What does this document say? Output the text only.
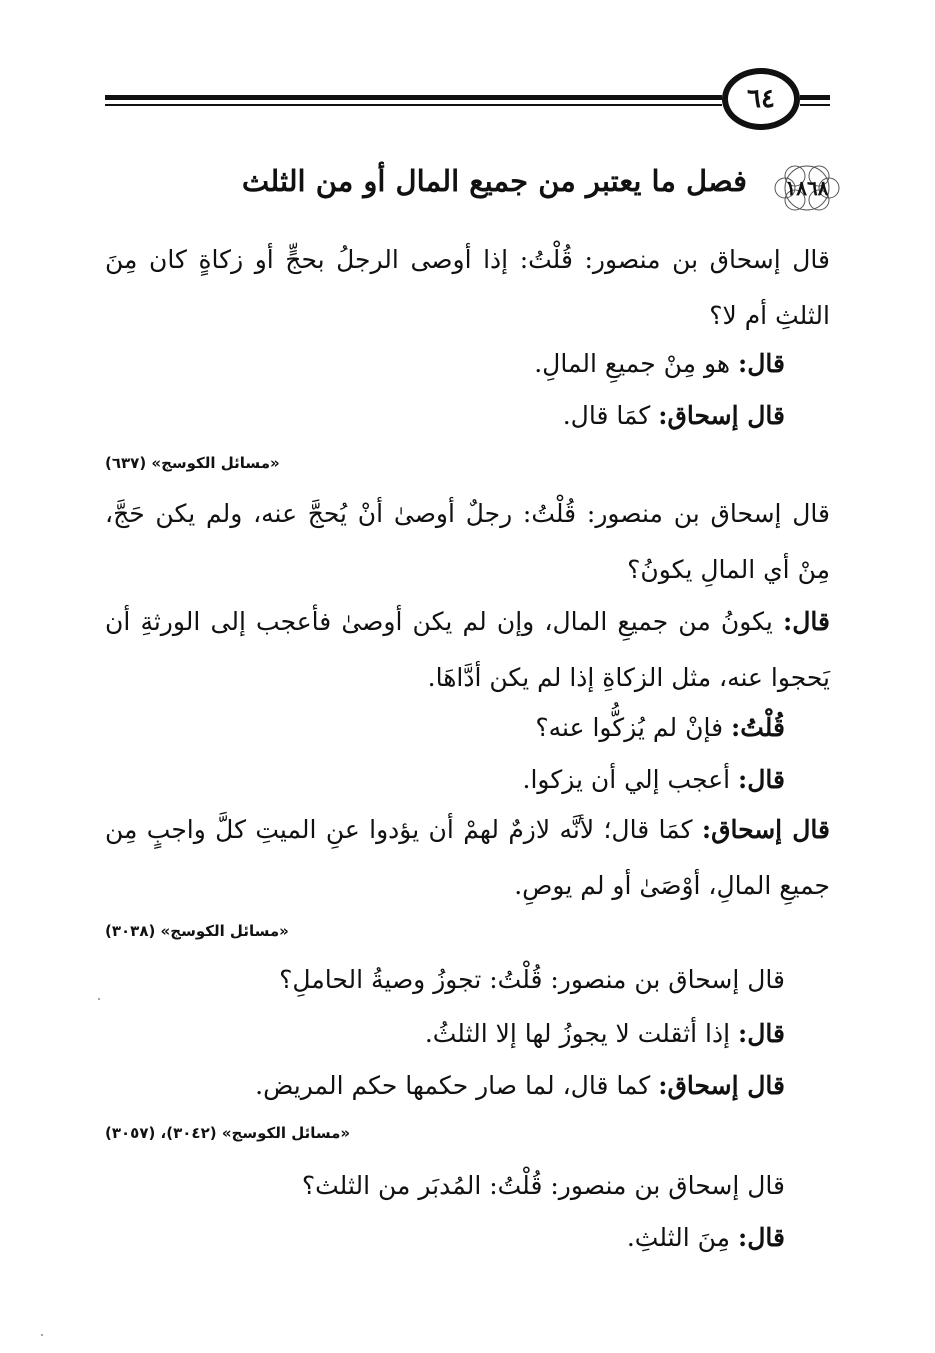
٦٤
١٨٦٨
فصل ما يعتبر من جميع المال أو من الثلث
قال إسحاق بن منصور: قُلْتُ: إذا أوصى الرجلُ بحجٍّ أو زكاةٍ كان مِنَ الثلثِ أم لا؟
قال: هو مِنْ جميعِ المالِ.
قال إسحاق: كمَا قال.
«مسائل الكوسج» (٦٣٧)
قال إسحاق بن منصور: قُلْتُ: رجلٌ أوصىٰ أنْ يُحجَّ عنه، ولم يكن حَجَّ، مِنْ أي المالِ يكونُ؟
قال: يكونُ من جميعِ المال، وإن لم يكن أوصىٰ فأعجب إلى الورثةِ أن يَحجوا عنه، مثل الزكاةِ إذا لم يكن أدَّاهَا.
قُلْتُ: فإنْ لم يُزكُّوا عنه؟
قال: أعجب إلي أن يزكوا.
قال إسحاق: كمَا قال؛ لأنَّه لازمٌ لهمْ أن يؤدوا عنِ الميتِ كلَّ واجبٍ مِن جميعِ المالِ، أوْصَىٰ أو لم يوصِ.
«مسائل الكوسج» (٣٠٣٨)
قال إسحاق بن منصور: قُلْتُ: تجوزُ وصيةُ الحاملِ؟
قال: إذا أثقلت لا يجوزُ لها إلا الثلثُ.
قال إسحاق: كما قال، لما صار حكمها حكم المريض.
«مسائل الكوسج» (٣٠٤٢)، (٣٠٥٧)
قال إسحاق بن منصور: قُلْتُ: المُدبَر من الثلث؟
قال: مِنَ الثلثِ.
